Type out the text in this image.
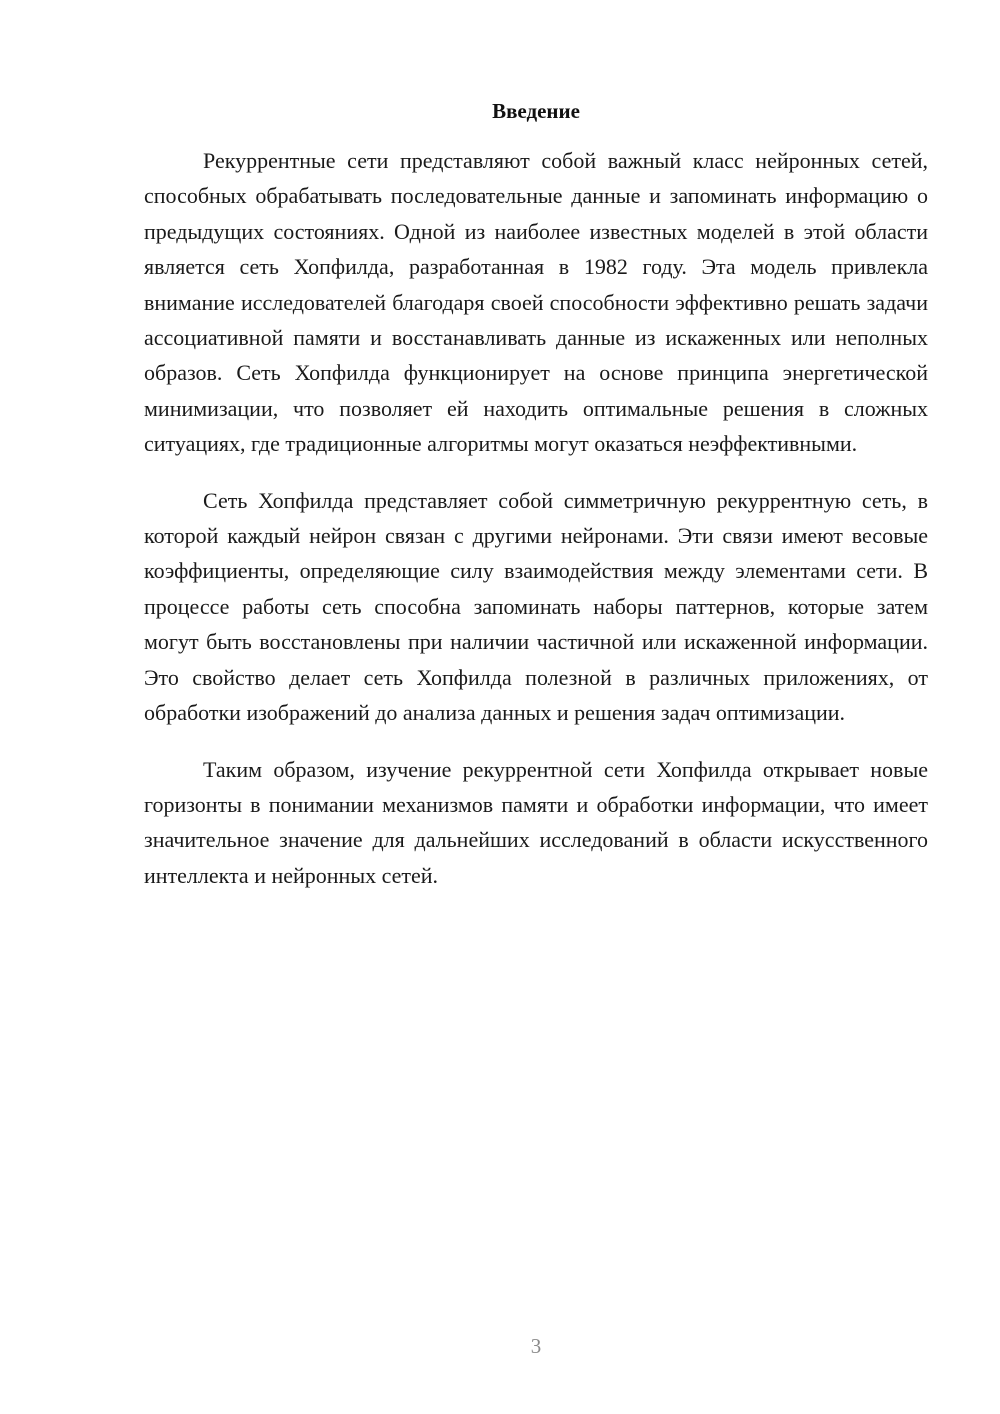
Введение

Рекуррентные сети представляют собой важный класс нейронных сетей, способных обрабатывать последовательные данные и запоминать информацию о предыдущих состояниях. Одной из наиболее известных моделей в этой области является сеть Хопфилда, разработанная в 1982 году. Эта модель привлекла внимание исследователей благодаря своей способности эффективно решать задачи ассоциативной памяти и восстанавливать данные из искаженных или неполных образов. Сеть Хопфилда функционирует на основе принципа энергетической минимизации, что позволяет ей находить оптимальные решения в сложных ситуациях, где традиционные алгоритмы могут оказаться неэффективными.

Сеть Хопфилда представляет собой симметричную рекуррентную сеть, в которой каждый нейрон связан с другими нейронами. Эти связи имеют весовые коэффициенты, определяющие силу взаимодействия между элементами сети. В процессе работы сеть способна запоминать наборы паттернов, которые затем могут быть восстановлены при наличии частичной или искаженной информации. Это свойство делает сеть Хопфилда полезной в различных приложениях, от обработки изображений до анализа данных и решения задач оптимизации.

Таким образом, изучение рекуррентной сети Хопфилда открывает новые горизонты в понимании механизмов памяти и обработки информации, что имеет значительное значение для дальнейших исследований в области искусственного интеллекта и нейронных сетей.

3
